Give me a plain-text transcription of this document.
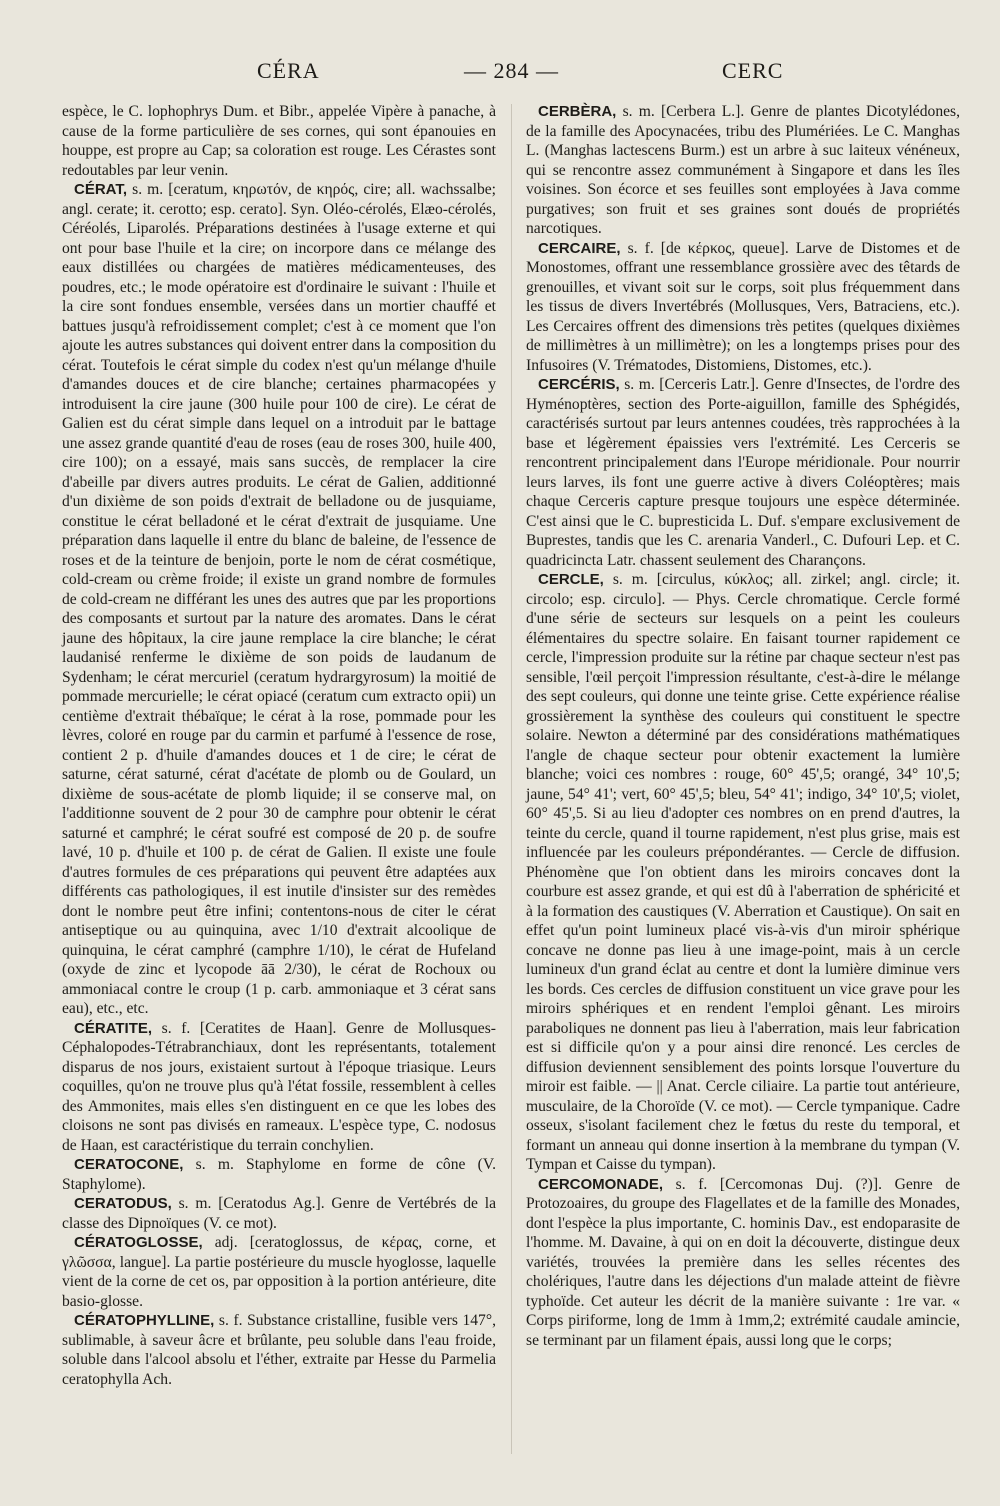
CÉRA	— 284 —	CERC

espèce, le C. lophophrys Dum. et Bibr., appelée Vipère à panache, à cause de la forme particulière de ses cornes, qui sont épanouies en houppe, est propre au Cap; sa coloration est rouge. Les Cérastes sont redoutables par leur venin.

CÉRAT, s. m. [ceratum, κηρωτόν, de κηρός, cire; all. wachssalbe; angl. cerate; it. cerotto; esp. cerato]. Syn. Oléo-cérolés, Elæo-cérolés, Céréolés, Liparolés. Préparations destinées à l'usage externe et qui ont pour base l'huile et la cire; on incorpore dans ce mélange des eaux distillées ou chargées de matières médicamenteuses, des poudres, etc.; le mode opératoire est d'ordinaire le suivant : l'huile et la cire sont fondues ensemble, versées dans un mortier chauffé et battues jusqu'à refroidissement complet; c'est à ce moment que l'on ajoute les autres substances qui doivent entrer dans la composition du cérat. Toutefois le cérat simple du codex n'est qu'un mélange d'huile d'amandes douces et de cire blanche; certaines pharmacopées y introduisent la cire jaune (300 huile pour 100 de cire). Le cérat de Galien est du cérat simple dans lequel on a introduit par le battage une assez grande quantité d'eau de roses (eau de roses 300, huile 400, cire 100); on a essayé, mais sans succès, de remplacer la cire d'abeille par divers autres produits. Le cérat de Galien, additionné d'un dixième de son poids d'extrait de belladone ou de jusquiame, constitue le cérat belladoné et le cérat d'extrait de jusquiame. Une préparation dans laquelle il entre du blanc de baleine, de l'essence de roses et de la teinture de benjoin, porte le nom de cérat cosmétique, cold-cream ou crème froide; il existe un grand nombre de formules de cold-cream ne différant les unes des autres que par les proportions des composants et surtout par la nature des aromates. Dans le cérat jaune des hôpitaux, la cire jaune remplace la cire blanche; le cérat laudanisé renferme le dixième de son poids de laudanum de Sydenham; le cérat mercuriel (ceratum hydrargyrosum) la moitié de pommade mercurielle; le cérat opiacé (ceratum cum extracto opii) un centième d'extrait thébaïque; le cérat à la rose, pommade pour les lèvres, coloré en rouge par du carmin et parfumé à l'essence de rose, contient 2 p. d'huile d'amandes douces et 1 de cire; le cérat de saturne, cérat saturné, cérat d'acétate de plomb ou de Goulard, un dixième de sous-acétate de plomb liquide; il se conserve mal, on l'additionne souvent de 2 pour 30 de camphre pour obtenir le cérat saturné et camphré; le cérat soufré est composé de 20 p. de soufre lavé, 10 p. d'huile et 100 p. de cérat de Galien. Il existe une foule d'autres formules de ces préparations qui peuvent être adaptées aux différents cas pathologiques, il est inutile d'insister sur des remèdes dont le nombre peut être infini; contentons-nous de citer le cérat antiseptique ou au quinquina, avec 1/10 d'extrait alcoolique de quinquina, le cérat camphré (camphre 1/10), le cérat de Hufeland (oxyde de zinc et lycopode āā 2/30), le cérat de Rochoux ou ammoniacal contre le croup (1 p. carb. ammoniaque et 3 cérat sans eau), etc., etc.

CÉRATITE, s. f. [Ceratites de Haan]. Genre de Mollusques-Céphalopodes-Tétrabranchiaux, dont les représentants, totalement disparus de nos jours, existaient surtout à l'époque triasique. Leurs coquilles, qu'on ne trouve plus qu'à l'état fossile, ressemblent à celles des Ammonites, mais elles s'en distinguent en ce que les lobes des cloisons ne sont pas divisés en rameaux. L'espèce type, C. nodosus de Haan, est caractéristique du terrain conchylien.

CERATOCONE, s. m. Staphylome en forme de cône (V. Staphylome).

CERATODUS, s. m. [Ceratodus Ag.]. Genre de Vertébrés de la classe des Dipnoïques (V. ce mot).

CÉRATOGLOSSE, adj. [ceratoglossus, de κέρας, corne, et γλῶσσα, langue]. La partie postérieure du muscle hyoglosse, laquelle vient de la corne de cet os, par opposition à la portion antérieure, dite basio-glosse.

CÉRATOPHYLLINE, s. f. Substance cristalline, fusible vers 147°, sublimable, à saveur âcre et brûlante, peu soluble dans l'eau froide, soluble dans l'alcool absolu et l'éther, extraite par Hesse du Parmelia ceratophylla Ach.

CERBÈRA, s. m. [Cerbera L.]. Genre de plantes Dicotylédones, de la famille des Apocynacées, tribu des Plumériées. Le C. Manghas L. (Manghas lactescens Burm.) est un arbre à suc laiteux vénéneux, qui se rencontre assez communément à Singapore et dans les îles voisines. Son écorce et ses feuilles sont employées à Java comme purgatives; son fruit et ses graines sont doués de propriétés narcotiques.

CERCAIRE, s. f. [de κέρκος, queue]. Larve de Distomes et de Monostomes, offrant une ressemblance grossière avec des têtards de grenouilles, et vivant soit sur le corps, soit plus fréquemment dans les tissus de divers Invertébrés (Mollusques, Vers, Batraciens, etc.). Les Cercaires offrent des dimensions très petites (quelques dixièmes de millimètres à un millimètre); on les a longtemps prises pour des Infusoires (V. Trématodes, Distomiens, Distomes, etc.).

CERCÉRIS, s. m. [Cerceris Latr.]. Genre d'Insectes, de l'ordre des Hyménoptères, section des Porte-aiguillon, famille des Sphégidés, caractérisés surtout par leurs antennes coudées, très rapprochées à la base et légèrement épaissies vers l'extrémité. Les Cerceris se rencontrent principalement dans l'Europe méridionale. Pour nourrir leurs larves, ils font une guerre active à divers Coléoptères; mais chaque Cerceris capture presque toujours une espèce déterminée. C'est ainsi que le C. bupresticida L. Duf. s'empare exclusivement de Buprestes, tandis que les C. arenaria Vanderl., C. Dufouri Lep. et C. quadricincta Latr. chassent seulement des Charançons.

CERCLE, s. m. [circulus, κύκλος; all. zirkel; angl. circle; it. circolo; esp. circulo]. — Phys. Cercle chromatique. Cercle formé d'une série de secteurs sur lesquels on a peint les couleurs élémentaires du spectre solaire. En faisant tourner rapidement ce cercle, l'impression produite sur la rétine par chaque secteur n'est pas sensible, l'œil perçoit l'impression résultante, c'est-à-dire le mélange des sept couleurs, qui donne une teinte grise. Cette expérience réalise grossièrement la synthèse des couleurs qui constituent le spectre solaire. Newton a déterminé par des considérations mathématiques l'angle de chaque secteur pour obtenir exactement la lumière blanche; voici ces nombres : rouge, 60° 45',5; orangé, 34° 10',5; jaune, 54° 41'; vert, 60° 45',5; bleu, 54° 41'; indigo, 34° 10',5; violet, 60° 45',5. Si au lieu d'adopter ces nombres on en prend d'autres, la teinte du cercle, quand il tourne rapidement, n'est plus grise, mais est influencée par les couleurs prépondérantes. — Cercle de diffusion. Phénomène que l'on obtient dans les miroirs concaves dont la courbure est assez grande, et qui est dû à l'aberration de sphéricité et à la formation des caustiques (V. Aberration et Caustique). On sait en effet qu'un point lumineux placé vis-à-vis d'un miroir sphérique concave ne donne pas lieu à une image-point, mais à un cercle lumineux d'un grand éclat au centre et dont la lumière diminue vers les bords. Ces cercles de diffusion constituent un vice grave pour les miroirs sphériques et en rendent l'emploi gênant. Les miroirs paraboliques ne donnent pas lieu à l'aberration, mais leur fabrication est si difficile qu'on y a pour ainsi dire renoncé. Les cercles de diffusion deviennent sensiblement des points lorsque l'ouverture du miroir est faible. — || Anat. Cercle ciliaire. La partie tout antérieure, musculaire, de la Choroïde (V. ce mot). — Cercle tympanique. Cadre osseux, s'isolant facilement chez le fœtus du reste du temporal, et formant un anneau qui donne insertion à la membrane du tympan (V. Tympan et Caisse du tympan).

CERCOMONADE, s. f. [Cercomonas Duj. (?)]. Genre de Protozoaires, du groupe des Flagellates et de la famille des Monades, dont l'espèce la plus importante, C. hominis Dav., est endoparasite de l'homme. M. Davaine, à qui on en doit la découverte, distingue deux variétés, trouvées la première dans les selles récentes des cholériques, l'autre dans les déjections d'un malade atteint de fièvre typhoïde. Cet auteur les décrit de la manière suivante : 1re var. « Corps piriforme, long de 1mm à 1mm,2; extrémité caudale amincie, se terminant par un filament épais, aussi long que le corps;
